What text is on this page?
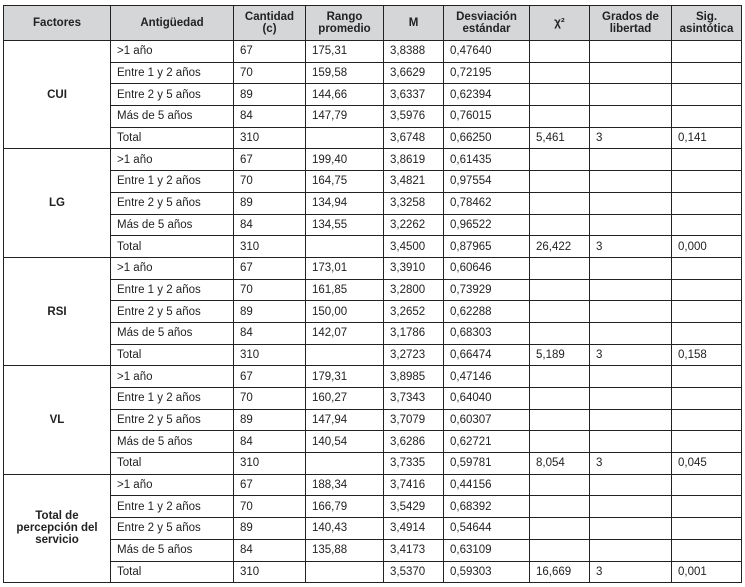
Factores	Antigüedad	Cantidad (c)	Rango promedio	M	Desviación estándar	χ²	Grados de libertad	Sig. asintótica
CUI	>1 año	67	175,31	3,8388	0,47640			
	Entre 1 y 2 años	70	159,58	3,6629	0,72195			
	Entre 2 y 5 años	89	144,66	3,6337	0,62394			
	Más de 5 años	84	147,79	3,5976	0,76015			
	Total	310		3,6748	0,66250	5,461	3	0,141
LG	>1 año	67	199,40	3,8619	0,61435			
	Entre 1 y 2 años	70	164,75	3,4821	0,97554			
	Entre 2 y 5 años	89	134,94	3,3258	0,78462			
	Más de 5 años	84	134,55	3,2262	0,96522			
	Total	310		3,4500	0,87965	26,422	3	0,000
RSI	>1 año	67	173,01	3,3910	0,60646			
	Entre 1 y 2 años	70	161,85	3,2800	0,73929			
	Entre 2 y 5 años	89	150,00	3,2652	0,62288			
	Más de 5 años	84	142,07	3,1786	0,68303			
	Total	310		3,2723	0,66474	5,189	3	0,158
VL	>1 año	67	179,31	3,8985	0,47146			
	Entre 1 y 2 años	70	160,27	3,7343	0,64040			
	Entre 2 y 5 años	89	147,94	3,7079	0,60307			
	Más de 5 años	84	140,54	3,6286	0,62721			
	Total	310		3,7335	0,59781	8,054	3	0,045
Total de percepción del servicio	>1 año	67	188,34	3,7416	0,44156			
	Entre 1 y 2 años	70	166,79	3,5429	0,68392			
	Entre 2 y 5 años	89	140,43	3,4914	0,54644			
	Más de 5 años	84	135,88	3,4173	0,63109			
	Total	310		3,5370	0,59303	16,669	3	0,001
